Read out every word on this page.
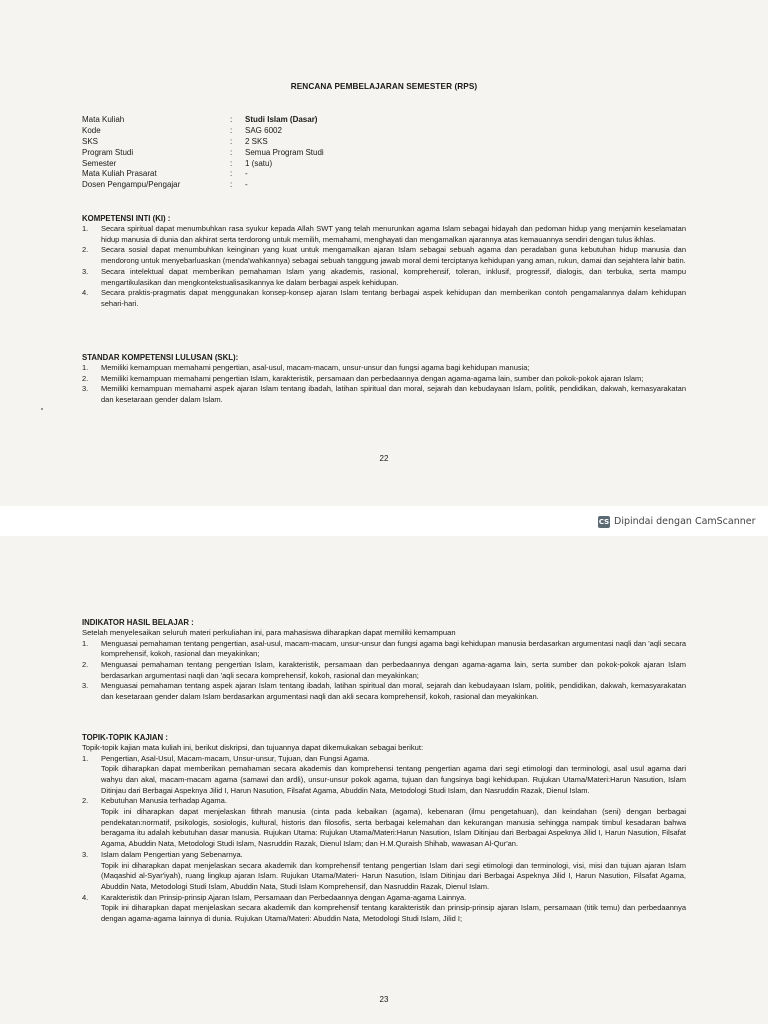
RENCANA PEMBELAJARAN SEMESTER (RPS)
Mata Kuliah	:	Studi Islam (Dasar)
Kode	:	SAG 6002
SKS	:	2 SKS
Program Studi	:	Semua Program Studi
Semester	:	1 (satu)
Mata Kuliah Prasarat	:	-
Dosen Pengampu/Pengajar	:	-
KOMPETENSI INTI (KI) :
1. Secara spiritual dapat menumbuhkan rasa syukur kepada Allah SWT yang telah menurunkan agama Islam sebagai hidayah dan pedoman hidup yang menjamin keselamatan hidup manusia di dunia dan akhirat serta terdorong untuk memilih, memahami, menghayati dan mengamalkan ajarannya atas kemauannya sendiri dengan tulus ikhlas.
2. Secara sosial dapat menumbuhkan keinginan yang kuat untuk mengamalkan ajaran Islam sebagai sebuah agama dan peradaban guna kebutuhan hidup manusia dan mendorong untuk menyebarluaskan (menda'wahkannya) sebagai sebuah tanggung jawab moral demi terciptanya kehidupan yang aman, rukun, damai dan sejahtera lahir batin.
3. Secara intelektual dapat memberikan pemahaman Islam yang akademis, rasional, komprehensif, toleran, inklusif, progressif, dialogis, dan terbuka, serta mampu mengartikulasikan dan mengkontekstualisasikannya ke dalam berbagai aspek kehidupan.
4. Secara praktis-pragmatis dapat menggunakan konsep-konsep ajaran Islam tentang berbagai aspek kehidupan dan memberikan contoh pengamalannya dalam kehidupan sehari-hari.
STANDAR KOMPETENSI LULUSAN (SKL):
1. Memiliki kemampuan memahami pengertian, asal-usul, macam-macam, unsur-unsur dan fungsi agama bagi kehidupan manusia;
2. Memiliki kemampuan memahami pengertian Islam, karakteristik, persamaan dan perbedaannya dengan agama-agama lain, sumber dan pokok-pokok ajaran Islam;
3. Memiliki kemampuan memahami aspek ajaran Islam tentang ibadah, latihan spiritual dan moral, sejarah dan kebudayaan Islam, politik, pendidikan, dakwah, kemasyarakatan dan kesetaraan gender dalam Islam.
22
CS Dipindai dengan CamScanner
INDIKATOR HASIL BELAJAR :
Setelah menyelesaikan seluruh materi perkuliahan ini, para mahasiswa diharapkan dapat memiliki kemampuan
1. Menguasai pemahaman tentang pengertian, asal-usul, macam-macam, unsur-unsur dan fungsi agama bagi kehidupan manusia berdasarkan argumentasi naqli dan 'aqli secara komprehensif, kokoh, rasional dan meyakinkan;
2. Menguasai pemahaman tentang pengertian Islam, karakteristik, persamaan dan perbedaannya dengan agama-agama lain, serta sumber dan pokok-pokok ajaran Islam berdasarkan argumentasi naqli dan 'aqli secara komprehensif, kokoh, rasional dan meyakinkan;
3. Menguasai pemahaman tentang aspek ajaran Islam tentang ibadah, latihan spiritual dan moral, sejarah dan kebudayaan Islam, politik, pendidikan, dakwah, kemasyarakatan dan kesetaraan gender dalam Islam berdasarkan argumentasi naqli dan akli secara komprehensif, kokoh, rasional dan meyakinkan.
TOPIK-TOPIK KAJIAN :
Topik-topik kajian mata kuliah ini, berikut diskripsi, dan tujuannya dapat dikemukakan sebagai berikut:
1. Pengertian, Asal-Usul, Macam-macam, Unsur-unsur, Tujuan, dan Fungsi Agama.
Topik diharapkan dapat memberikan pemahaman secara akademis dan komprehensi tentang pengertian agama dari segi etimologi dan terminologi, asal usul agama dari wahyu dan akal, macam-macam agama (samawi dan ardli), unsur-unsur pokok agama, tujuan dan fungsinya bagi kehidupan. Rujukan Utama/Materi:Harun Nasution, Islam Ditinjau dari Berbagai Aspeknya Jilid I, Harun Nasution, Filsafat Agama, Abuddin Nata, Metodologi Studi Islam, dan Nasruddin Razak, Dienul Islam.
2. Kebutuhan Manusia terhadap Agama.
Topik ini diharapkan dapat menjelaskan fithrah manusia (cinta pada kebaikan (agama), kebenaran (ilmu pengetahuan), dan keindahan (seni) dengan berbagai pendekatan:normatif, psikologis, sosiologis, kultural, historis dan filosofis, serta berbagai kelemahan dan kekurangan manusia sehingga nampak timbul kesadaran bahwa beragama itu adalah kebutuhan dasar manusia. Rujukan Utama: Rujukan Utama/Materi:Harun Nasution, Islam Ditinjau dari Berbagai Aspeknya Jilid I, Harun Nasution, Filsafat Agama, Abuddin Nata, Metodologi Studi Islam, Nasruddin Razak, Dienul Islam; dan H.M.Quraish Shihab, wawasan Al-Qur'an.
3. Islam dalam Pengertian yang Sebenarnya.
Topik ini diharapkan dapat menjelaskan secara akademik dan komprehensif tentang pengertian Islam dari segi etimologi dan terminologi, visi, misi dan tujuan ajaran Islam (Maqashid al-Syar'iyah), ruang lingkup ajaran Islam. Rujukan Utama/Materi- Harun Nasution, Islam Ditinjau dari Berbagai Aspeknya Jilid I, Harun Nasution, Filsafat Agama, Abuddin Nata, Metodologi Studi Islam, Abuddin Nata, Studi Islam Komprehensif, dan Nasruddin Razak, Dienul Islam.
4. Karakteristik dan Prinsip-prinsip Ajaran Islam, Persamaan dan Perbedaannya dengan Agama-agama Lainnya.
Topik ini diharapkan dapat menjelaskan secara akademik dan komprehensif tentang karakteristik dan prinsip-prinsip ajaran Islam, persamaan (titik temu) dan perbedaannya dengan agama-agama lainnya di dunia. Rujukan Utama/Materi: Abuddin Nata, Metodologi Studi Islam, Jilid I;
23
